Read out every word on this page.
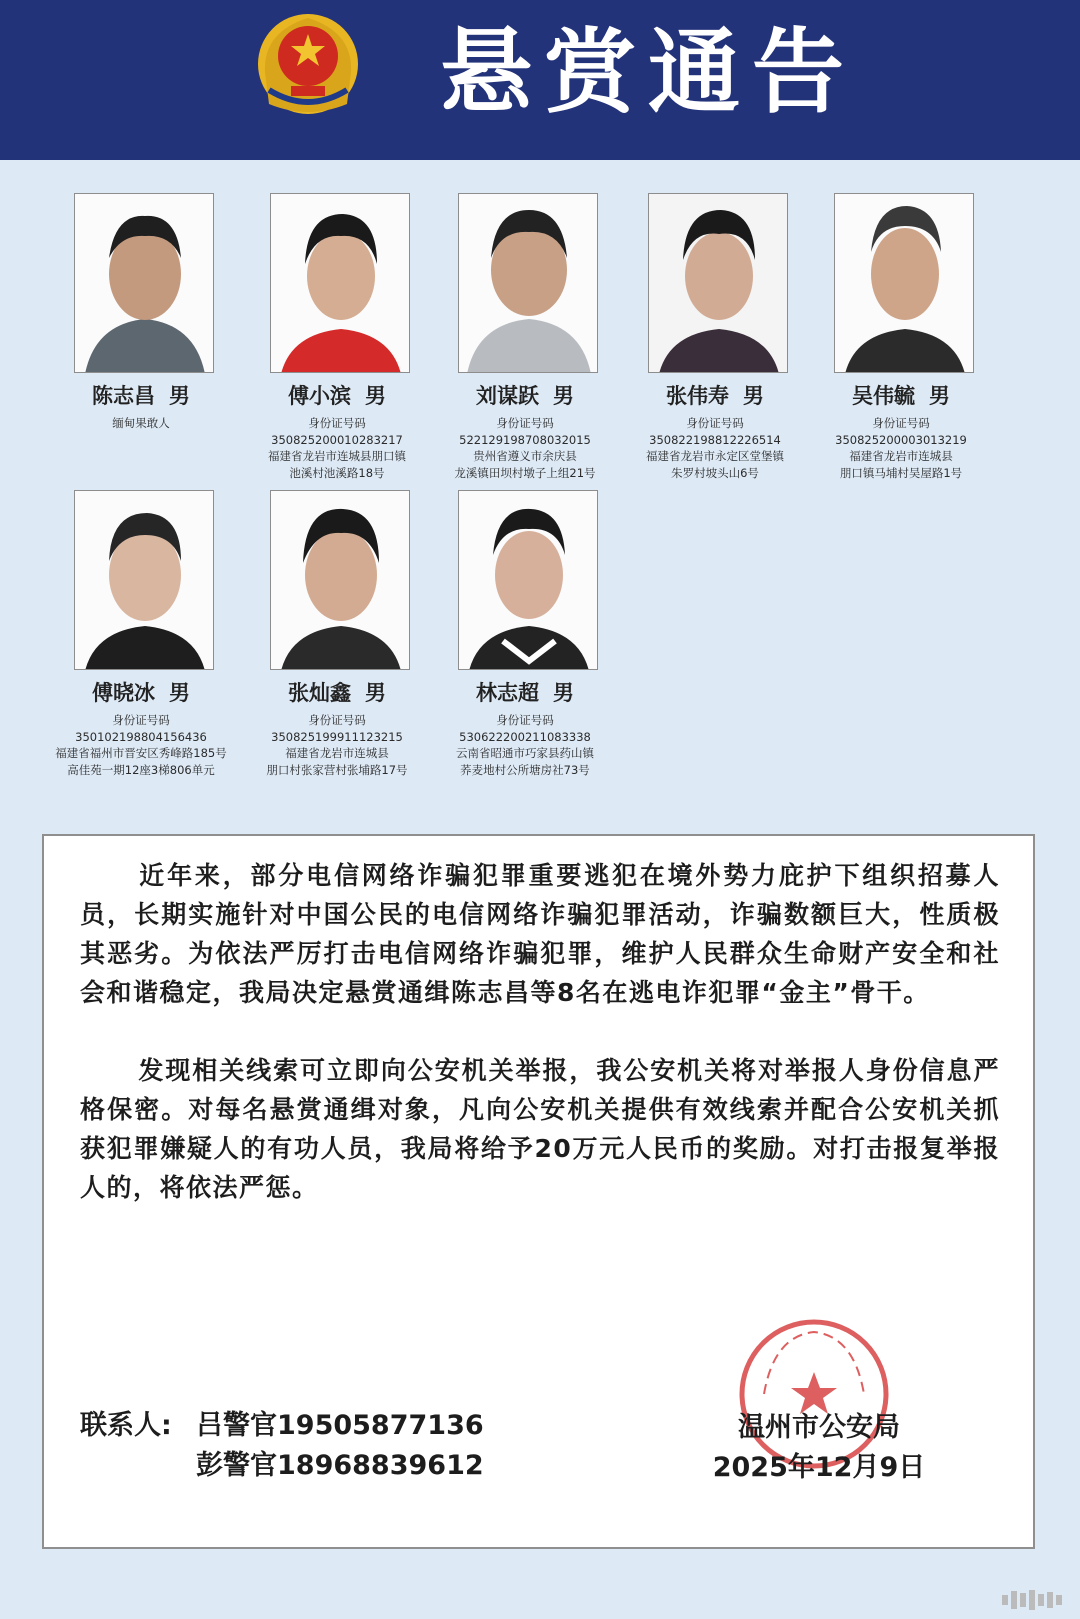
悬赏通告
陈志昌 男
缅甸果敢人
傅小滨 男
身份证号码
350825200010283217
福建省龙岩市连城县朋口镇
池溪村池溪路18号
刘谋跃 男
身份证号码
522129198708032015
贵州省遵义市余庆县
龙溪镇田坝村墩子上组21号
张伟寿 男
身份证号码
350822198812226514
福建省龙岩市永定区堂堡镇
朱罗村坡头山6号
吴伟毓 男
身份证号码
350825200003013219
福建省龙岩市连城县
朋口镇马埔村吴屋路1号
傅晓冰 男
身份证号码
350102198804156436
福建省福州市晋安区秀峰路185号
高佳苑一期12座3梯806单元
张灿鑫 男
身份证号码
350825199911123215
福建省龙岩市连城县
朋口村张家营村张埔路17号
林志超 男
身份证号码
530622200211083338
云南省昭通市巧家县药山镇
荞麦地村公所塘房社73号
近年来，部分电信网络诈骗犯罪重要逃犯在境外势力庇护下组织招募人员，长期实施针对中国公民的电信网络诈骗犯罪活动，诈骗数额巨大，性质极其恶劣。为依法严厉打击电信网络诈骗犯罪，维护人民群众生命财产安全和社会和谐稳定，我局决定悬赏通缉陈志昌等8名在逃电诈犯罪“金主”骨干。
发现相关线索可立即向公安机关举报，我公安机关将对举报人身份信息严格保密。对每名悬赏通缉对象，凡向公安机关提供有效线索并配合公安机关抓获犯罪嫌疑人的有功人员，我局将给予20万元人民币的奖励。对打击报复举报人的，将依法严惩。
联系人: 吕警官19505877136
彭警官18968839612
温州市公安局
2025年12月9日
